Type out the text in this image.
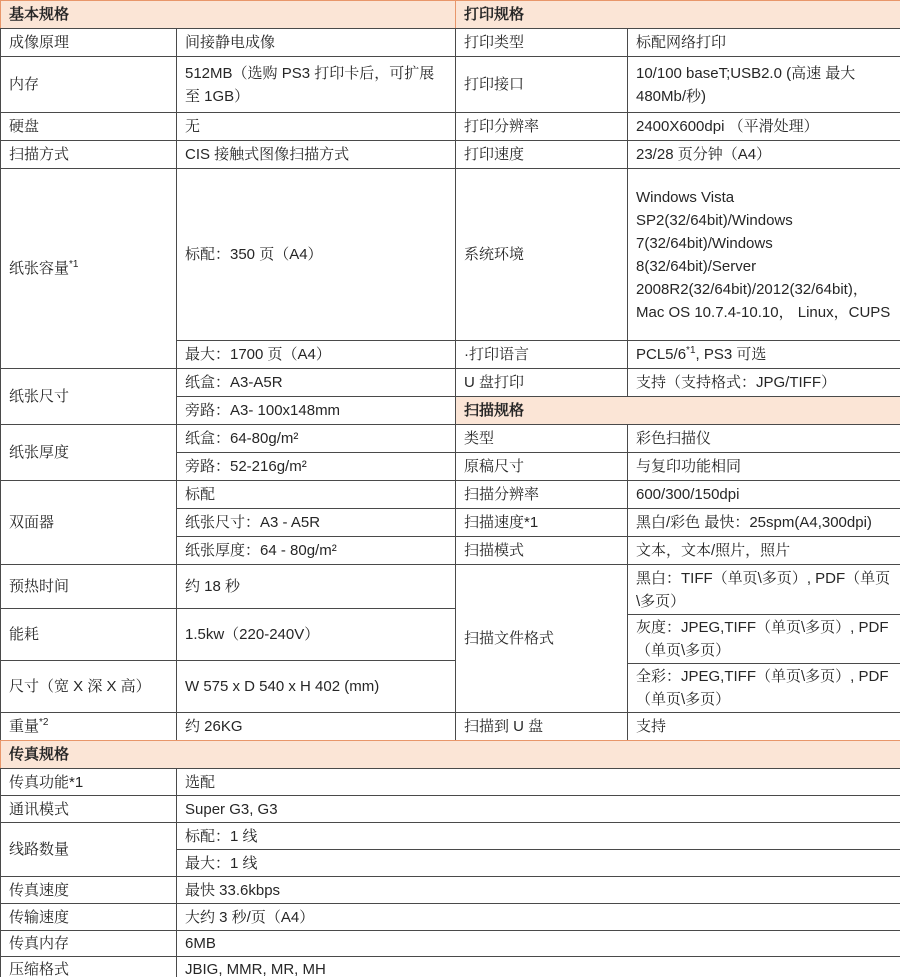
基本规格	
成像原理	间接静电成像
内存	512MB（选购 PS3 打印卡后，可扩展至 1GB）
硬盘	无
扫描方式	CIS 接触式图像扫描方式
纸张容量$^{*1}$	标配：350 页（A4）
	最大：1700 页（A4）
纸张尺寸	纸盒：A3-A5R
	旁路：A3- 100x148mm
纸张厚度	纸盒：64-80g/m²
	旁路：52-216g/m²
双面器	标配
	纸张尺寸：A3 - A5R
	纸张厚度：64 - 80g/m²
预热时间	约 18 秒
能耗	1.5kw（220-240V）
尺寸（宽 X 深 X 高）	W 575 x D 540 x H 402 (mm)
重量$^{*2}$	约 26KG
打印规格	
打印类型	标配网络打印
打印接口	10/100 baseT;USB2.0 (高速 最大 480Mb/秒)
打印分辨率	2400X600dpi （平滑处理）
打印速度	23/28 页分钟（A4）
系统环境	Windows Vista SP2(32/64bit)/Windows 7(32/64bit)/Windows 8(32/64bit)/Server 2008R2(32/64bit)/2012(32/64bit)，Mac OS 10.7.4-10.10， Linux，CUPS
·打印语言	PCL5/6$^{*1}$, PS3 可选
U 盘打印	支持（支持格式：JPG/TIFF）
扫描规格	
类型	彩色扫描仪
原稿尺寸	与复印功能相同
扫描分辨率	600/300/150dpi
扫描速度*1	黑白/彩色 最快：25spm(A4,300dpi)
扫描模式	文本，文本/照片，照片
扫描文件格式	黑白：TIFF（单页\多页）, PDF（单页\多页）
	灰度：JPEG,TIFF（单页\多页）, PDF（单页\多页）
	全彩：JPEG,TIFF（单页\多页）, PDF（单页\多页）
扫描到 U 盘	支持
传真规格	
传真功能*1	选配
通讯模式	Super G3, G3
线路数量	标配：1 线
	最大：1 线
传真速度	最快 33.6kbps
传输速度	大约 3 秒/页（A4）
传真内存	6MB
压缩格式	JBIG, MMR, MR, MH
